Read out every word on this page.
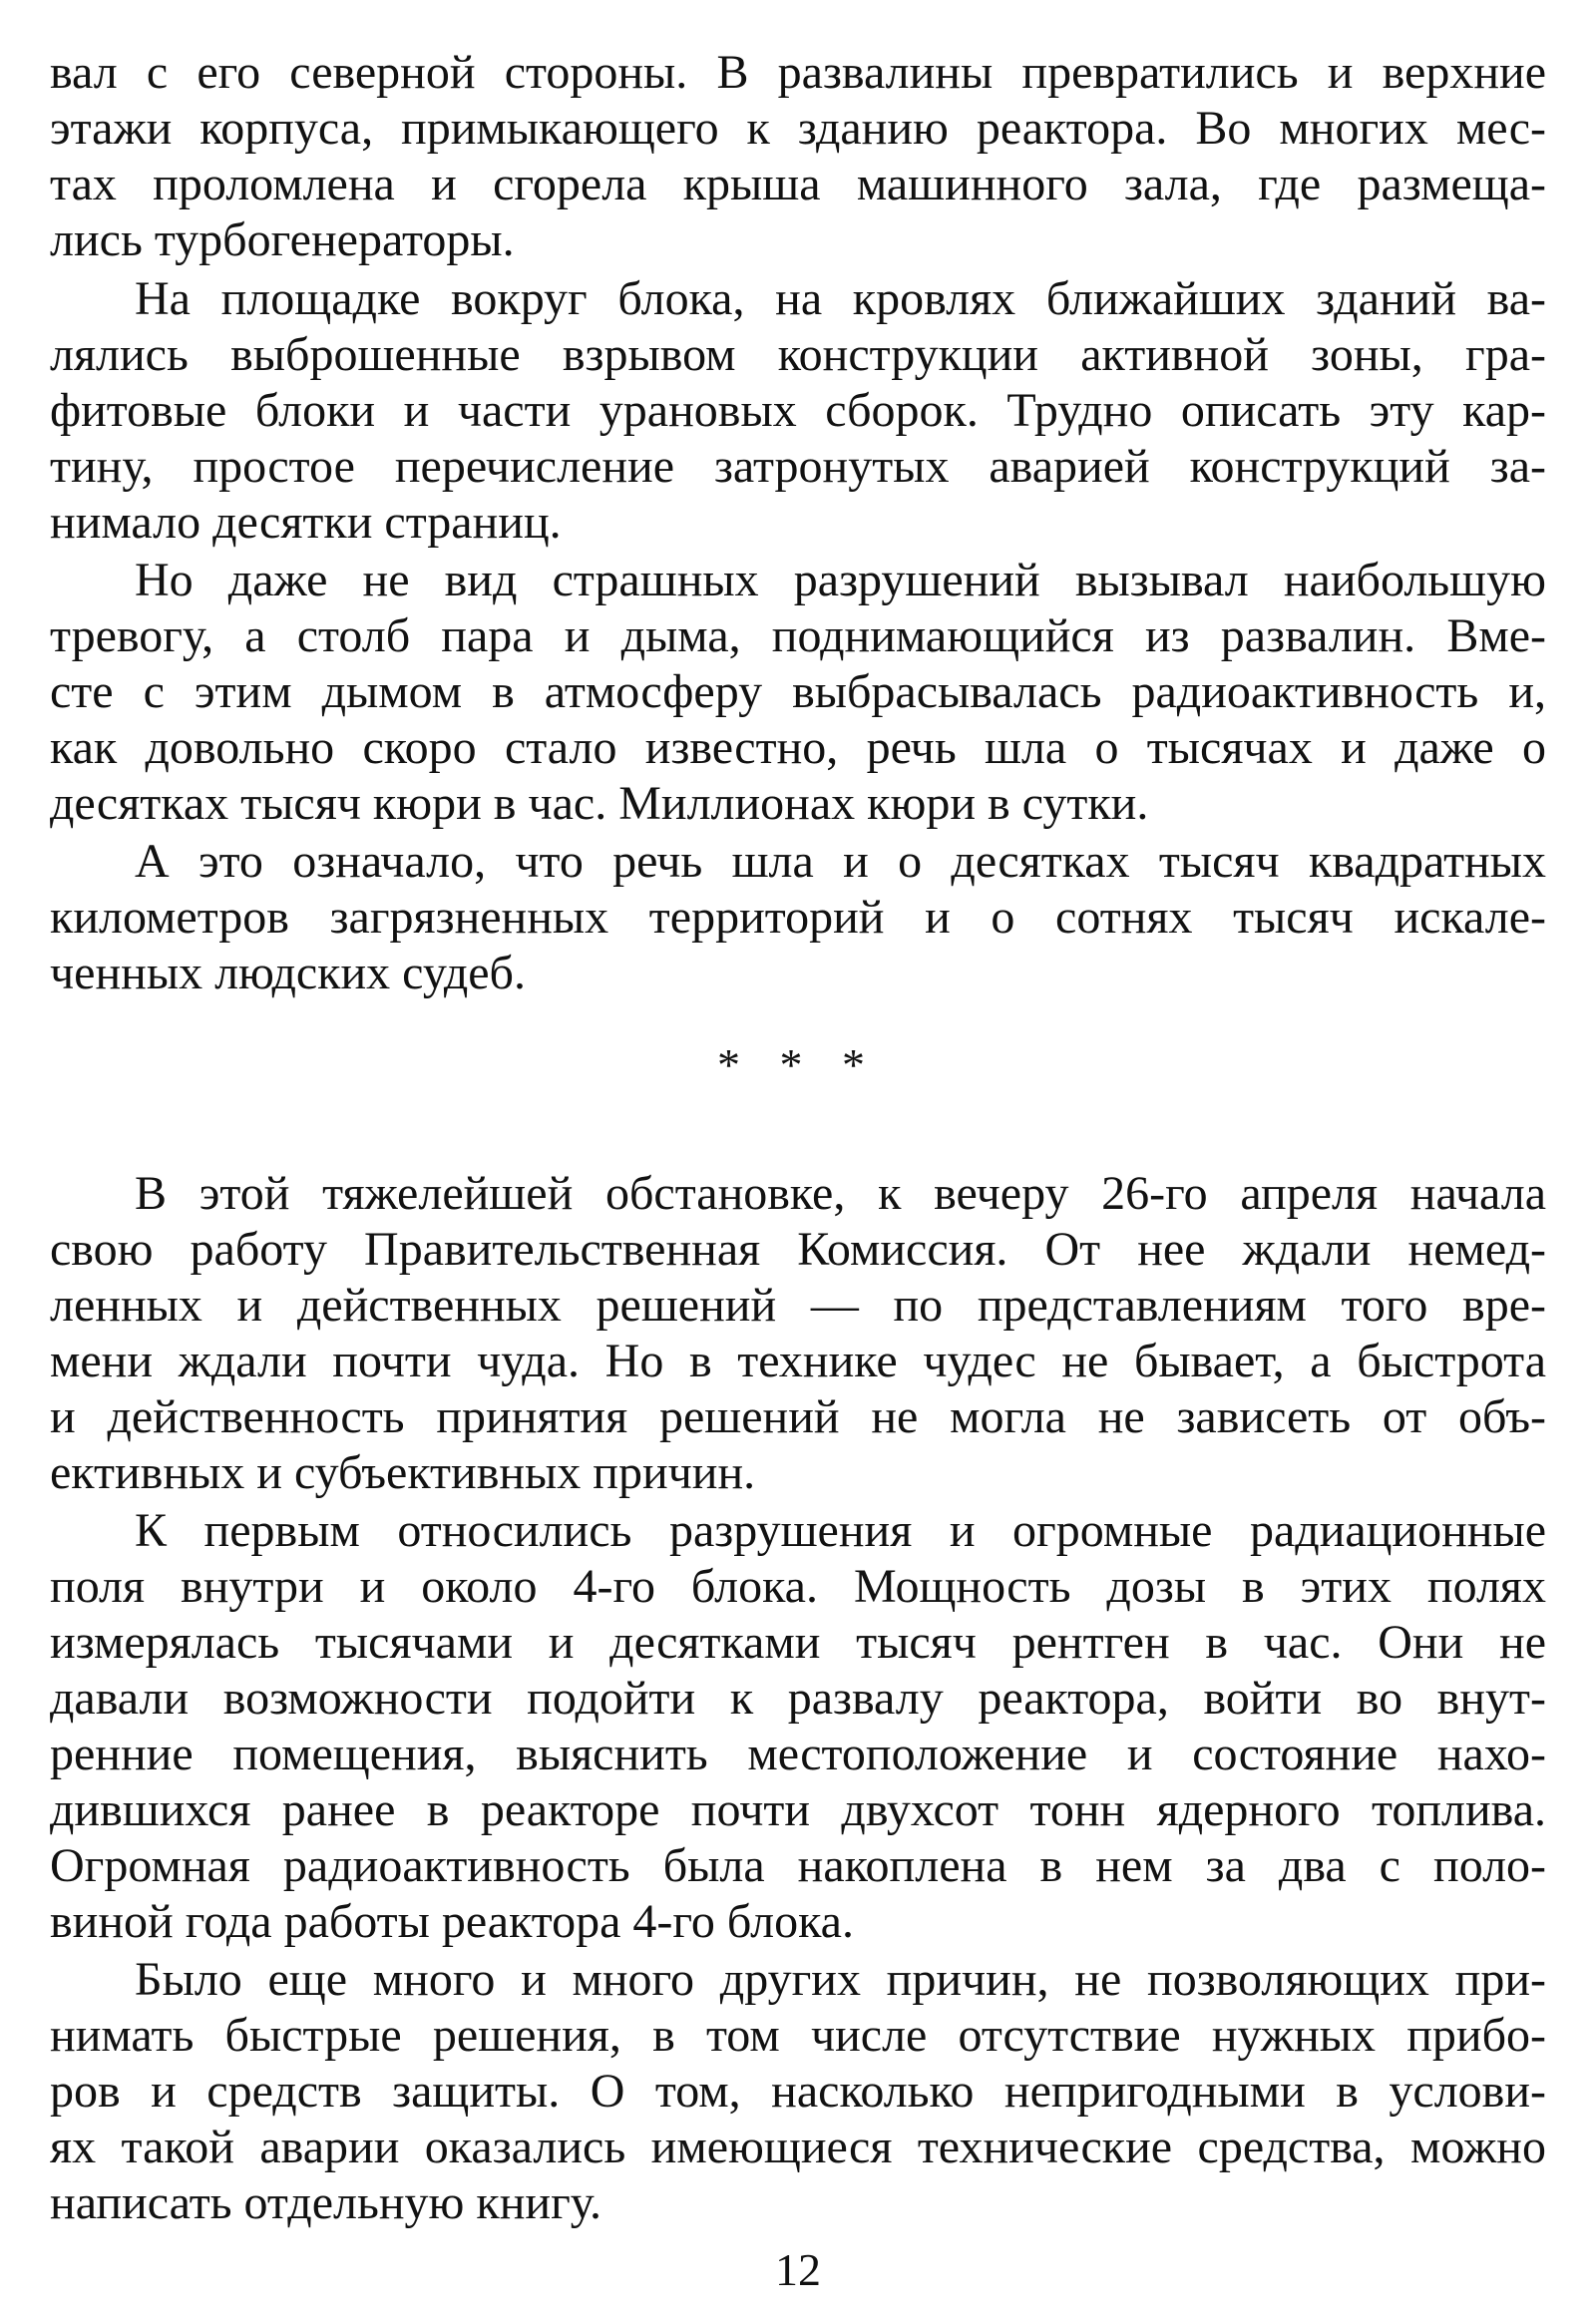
вал с его северной стороны. В развалины превратились и верхние
этажи корпуса, примыкающего к зданию реактора. Во многих мес-
тах проломлена и сгорела крыша машинного зала, где размеща-
лись турбогенераторы.
На площадке вокруг блока, на кровлях ближайших зданий ва-
лялись выброшенные взрывом конструкции активной зоны, гра-
фитовые блоки и части урановых сборок. Трудно описать эту кар-
тину, простое перечисление затронутых аварией конструкций за-
нимало десятки страниц.
Но даже не вид страшных разрушений вызывал наибольшую
тревогу, а столб пара и дыма, поднимающийся из развалин. Вме-
сте с этим дымом в атмосферу выбрасывалась радиоактивность и,
как довольно скоро стало известно, речь шла о тысячах и даже о
десятках тысяч кюри в час. Миллионах кюри в сутки.
А это означало, что речь шла и о десятках тысяч квадратных
километров загрязненных территорий и о сотнях тысяч искале-
ченных людских судеб.
* * *
В этой тяжелейшей обстановке, к вечеру 26-го апреля начала
свою работу Правительственная Комиссия. От нее ждали немед-
ленных и действенных решений — по представлениям того вре-
мени ждали почти чуда. Но в технике чудес не бывает, а быстрота
и действенность принятия решений не могла не зависеть от объ-
ективных и субъективных причин.
К первым относились разрушения и огромные радиационные
поля внутри и около 4-го блока. Мощность дозы в этих полях
измерялась тысячами и десятками тысяч рентген в час. Они не
давали возможности подойти к развалу реактора, войти во внут-
ренние помещения, выяснить местоположение и состояние нахо-
дившихся ранее в реакторе почти двухсот тонн ядерного топлива.
Огромная радиоактивность была накоплена в нем за два с поло-
виной года работы реактора 4-го блока.
Было еще много и много других причин, не позволяющих при-
нимать быстрые решения, в том числе отсутствие нужных прибо-
ров и средств защиты. О том, насколько непригодными в услови-
ях такой аварии оказались имеющиеся технические средства, можно
написать отдельную книгу.
12
